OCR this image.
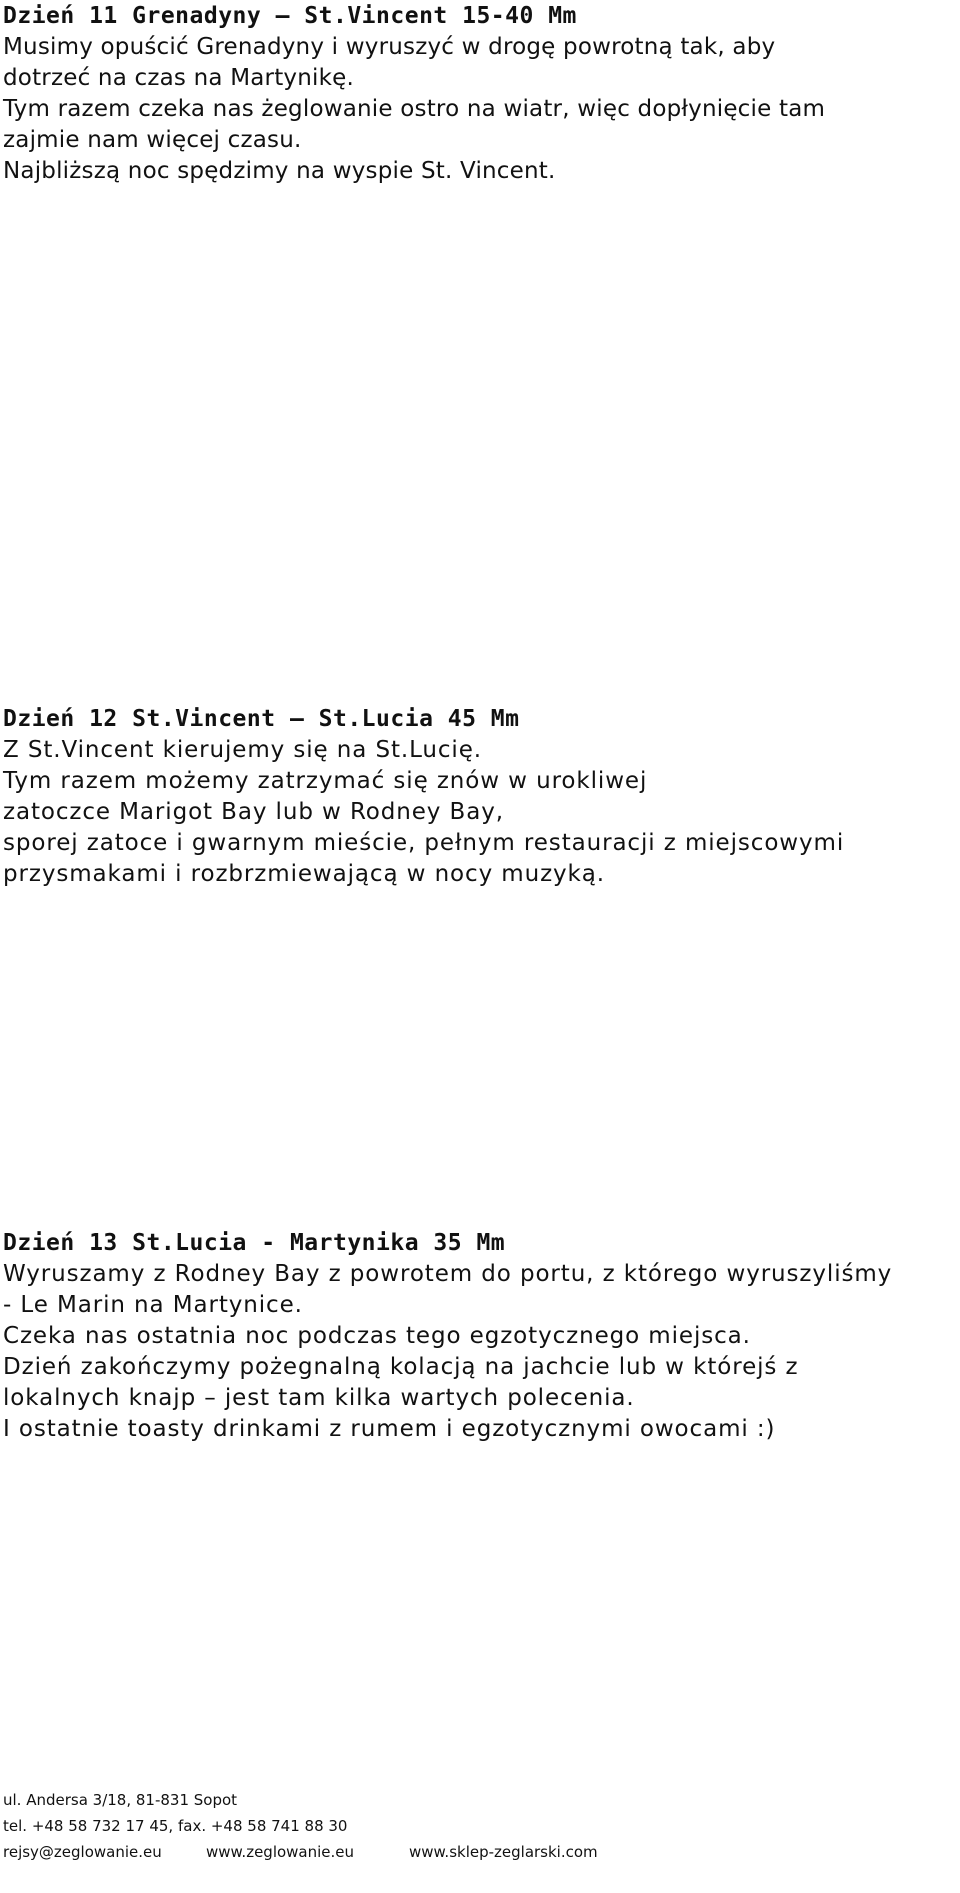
Dzień 11 Grenadyny – St.Vincent 15-40 Mm

Musimy opuścić Grenadyny i wyruszyć w drogę powrotną tak, aby
dotrzeć na czas na Martynikę.
Tym razem czeka nas żeglowanie ostro na wiatr, więc dopłynięcie tam
zajmie nam więcej czasu.
Najbliższą noc spędzimy na wyspie St. Vincent.

Dzień 12 St.Vincent – St.Lucia 45 Mm

Z St.Vincent kierujemy się na St.Lucię.
Tym razem możemy zatrzymać się znów w urokliwej
zatoczce Marigot Bay lub w Rodney Bay,
sporej zatoce i gwarnym mieście, pełnym restauracji z miejscowymi
przysmakami i rozbrzmiewającą w nocy muzyką.

Dzień 13 St.Lucia - Martynika 35 Mm

Wyruszamy z Rodney Bay z powrotem do portu, z którego wyruszyliśmy
- Le Marin na Martynice.
Czeka nas ostatnia noc podczas tego egzotycznego miejsca.
Dzień zakończymy pożegnalną kolacją na jachcie lub w którejś z
lokalnych knajp – jest tam kilka wartych polecenia.
I ostatnie toasty drinkami z rumem i egzotycznymi owocami :)

ul. Andersa 3/18, 81-831 Sopot
tel. +48 58 732 17 45, fax. +48 58 741 88 30
rejsy@zeglowanie.eu	www.zeglowanie.eu	www.sklep-zeglarski.com
